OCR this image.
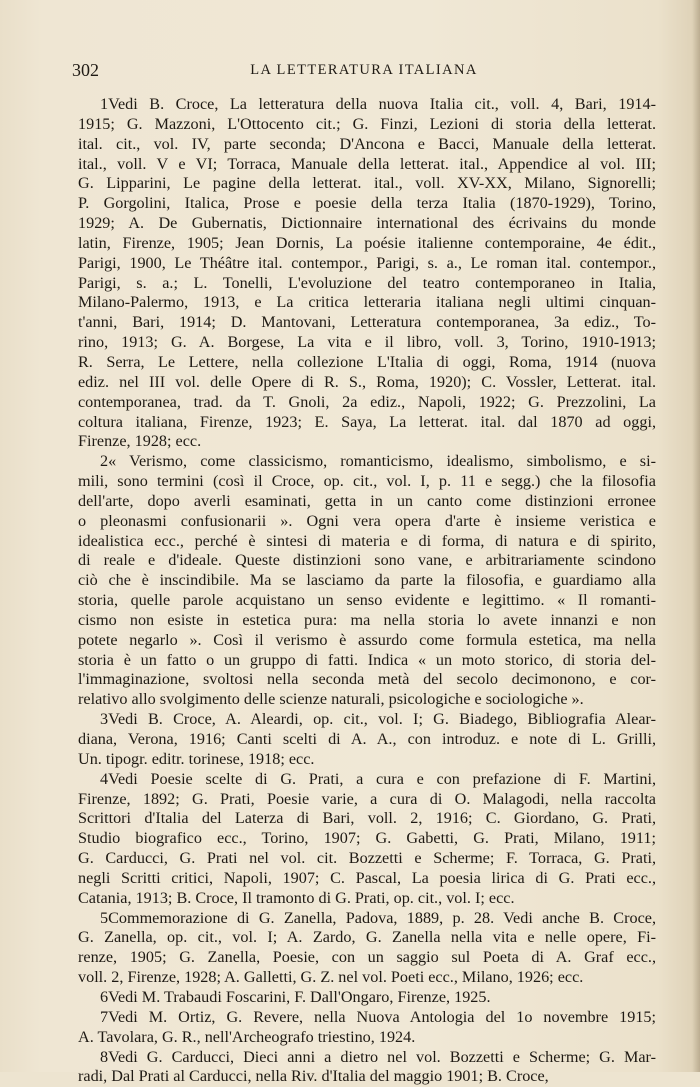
302	LA LETTERATURA ITALIANA
1Vedi B. Croce, La letteratura della nuova Italia cit., voll. 4, Bari, 1914-
1915; G. Mazzoni, L'Ottocento cit.; G. Finzi, Lezioni di storia della letterat.
ital. cit., vol. IV, parte seconda; D'Ancona e Bacci, Manuale della letterat.
ital., voll. V e VI; Torraca, Manuale della letterat. ital., Appendice al vol. III;
G. Lipparini, Le pagine della letterat. ital., voll. XV-XX, Milano, Signorelli;
P. Gorgolini, Italica, Prose e poesie della terza Italia (1870-1929), Torino,
1929; A. De Gubernatis, Dictionnaire international des écrivains du monde
latin, Firenze, 1905; Jean Dornis, La poésie italienne contemporaine, 4e édit.,
Parigi, 1900, Le Théâtre ital. contempor., Parigi, s. a., Le roman ital. contempor.,
Parigi, s. a.; L. Tonelli, L'evoluzione del teatro contemporaneo in Italia,
Milano-Palermo, 1913, e La critica letteraria italiana negli ultimi cinquan-
t'anni, Bari, 1914; D. Mantovani, Letteratura contemporanea, 3a ediz., To-
rino, 1913; G. A. Borgese, La vita e il libro, voll. 3, Torino, 1910-1913;
R. Serra, Le Lettere, nella collezione L'Italia di oggi, Roma, 1914 (nuova
ediz. nel III vol. delle Opere di R. S., Roma, 1920); C. Vossler, Letterat. ital.
contemporanea, trad. da T. Gnoli, 2a ediz., Napoli, 1922; G. Prezzolini, La
coltura italiana, Firenze, 1923; E. Saya, La letterat. ital. dal 1870 ad oggi,
Firenze, 1928; ecc.
2« Verismo, come classicismo, romanticismo, idealismo, simbolismo, e si-
mili, sono termini (così il Croce, op. cit., vol. I, p. 11 e segg.) che la filosofia
dell'arte, dopo averli esaminati, getta in un canto come distinzioni erronee
o pleonasmi confusionarii ». Ogni vera opera d'arte è insieme veristica e
idealistica ecc., perché è sintesi di materia e di forma, di natura e di spirito,
di reale e d'ideale. Queste distinzioni sono vane, e arbitrariamente scindono
ciò che è inscindibile. Ma se lasciamo da parte la filosofia, e guardiamo alla
storia, quelle parole acquistano un senso evidente e legittimo. « Il romanti-
cismo non esiste in estetica pura: ma nella storia lo avete innanzi e non
potete negarlo ». Così il verismo è assurdo come formula estetica, ma nella
storia è un fatto o un gruppo di fatti. Indica « un moto storico, di storia del-
l'immaginazione, svoltosi nella seconda metà del secolo decimonono, e cor-
relativo allo svolgimento delle scienze naturali, psicologiche e sociologiche ».
3Vedi B. Croce, A. Aleardi, op. cit., vol. I; G. Biadego, Bibliografia Alear-
diana, Verona, 1916; Canti scelti di A. A., con introduz. e note di L. Grilli,
Un. tipogr. editr. torinese, 1918; ecc.
4Vedi Poesie scelte di G. Prati, a cura e con prefazione di F. Martini,
Firenze, 1892; G. Prati, Poesie varie, a cura di O. Malagodi, nella raccolta
Scrittori d'Italia del Laterza di Bari, voll. 2, 1916; C. Giordano, G. Prati,
Studio biografico ecc., Torino, 1907; G. Gabetti, G. Prati, Milano, 1911;
G. Carducci, G. Prati nel vol. cit. Bozzetti e Scherme; F. Torraca, G. Prati,
negli Scritti critici, Napoli, 1907; C. Pascal, La poesia lirica di G. Prati ecc.,
Catania, 1913; B. Croce, Il tramonto di G. Prati, op. cit., vol. I; ecc.
5Commemorazione di G. Zanella, Padova, 1889, p. 28. Vedi anche B. Croce,
G. Zanella, op. cit., vol. I; A. Zardo, G. Zanella nella vita e nelle opere, Fi-
renze, 1905; G. Zanella, Poesie, con un saggio sul Poeta di A. Graf ecc.,
voll. 2, Firenze, 1928; A. Galletti, G. Z. nel vol. Poeti ecc., Milano, 1926; ecc.
6Vedi M. Trabaudi Foscarini, F. Dall'Ongaro, Firenze, 1925.
7Vedi M. Ortiz, G. Revere, nella Nuova Antologia del 1o novembre 1915;
A. Tavolara, G. R., nell'Archeografo triestino, 1924.
8Vedi G. Carducci, Dieci anni a dietro nel vol. Bozzetti e Scherme; G. Mar-
radi, Dal Prati al Carducci, nella Riv. d'Italia del maggio 1901; B. Croce,
